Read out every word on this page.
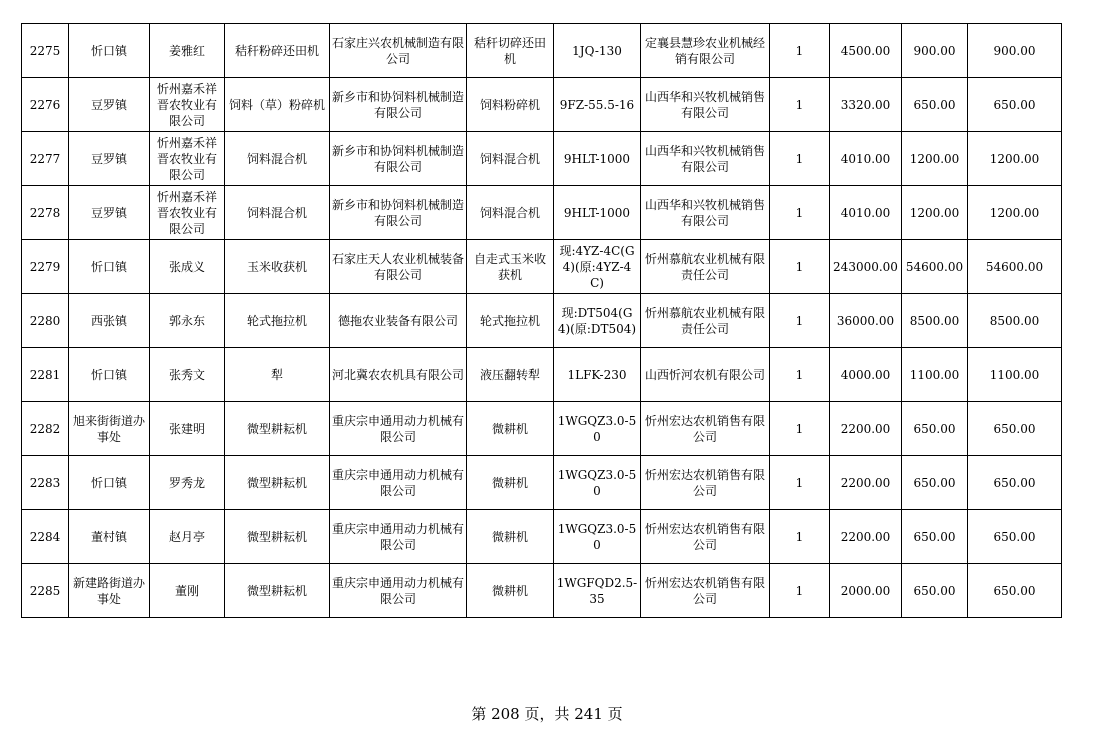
2275	忻口镇	姜雅红	秸秆粉碎还田机	石家庄兴农机械制造有限公司	秸秆切碎还田机	1JQ-130	定襄县慧珍农业机械经销有限公司	1	4500.00	900.00	900.00
2276	豆罗镇	忻州嘉禾祥晋农牧业有限公司	饲料（草）粉碎机	新乡市和协饲料机械制造有限公司	饲料粉碎机	9FZ-55.5-16	山西华和兴牧机械销售有限公司	1	3320.00	650.00	650.00
2277	豆罗镇	忻州嘉禾祥晋农牧业有限公司	饲料混合机	新乡市和协饲料机械制造有限公司	饲料混合机	9HLT-1000	山西华和兴牧机械销售有限公司	1	4010.00	1200.00	1200.00
2278	豆罗镇	忻州嘉禾祥晋农牧业有限公司	饲料混合机	新乡市和协饲料机械制造有限公司	饲料混合机	9HLT-1000	山西华和兴牧机械销售有限公司	1	4010.00	1200.00	1200.00
2279	忻口镇	张成义	玉米收获机	石家庄天人农业机械装备有限公司	自走式玉米收获机	现:4YZ-4C(G4)(原:4YZ-4C)	忻州慕航农业机械有限责任公司	1	243000.00	54600.00	54600.00
2280	西张镇	郭永东	轮式拖拉机	德拖农业装备有限公司	轮式拖拉机	现:DT504(G4)(原:DT504)	忻州慕航农业机械有限责任公司	1	36000.00	8500.00	8500.00
2281	忻口镇	张秀文	犁	河北冀农农机具有限公司	液压翻转犁	1LFK-230	山西忻河农机有限公司	1	4000.00	1100.00	1100.00
2282	旭来街街道办事处	张建明	微型耕耘机	重庆宗申通用动力机械有限公司	微耕机	1WGQZ3.0-50	忻州宏达农机销售有限公司	1	2200.00	650.00	650.00
2283	忻口镇	罗秀龙	微型耕耘机	重庆宗申通用动力机械有限公司	微耕机	1WGQZ3.0-50	忻州宏达农机销售有限公司	1	2200.00	650.00	650.00
2284	董村镇	赵月亭	微型耕耘机	重庆宗申通用动力机械有限公司	微耕机	1WGQZ3.0-50	忻州宏达农机销售有限公司	1	2200.00	650.00	650.00
2285	新建路街道办事处	董刚	微型耕耘机	重庆宗申通用动力机械有限公司	微耕机	1WGFQD2.5-35	忻州宏达农机销售有限公司	1	2000.00	650.00	650.00
第 208 页，共 241 页
